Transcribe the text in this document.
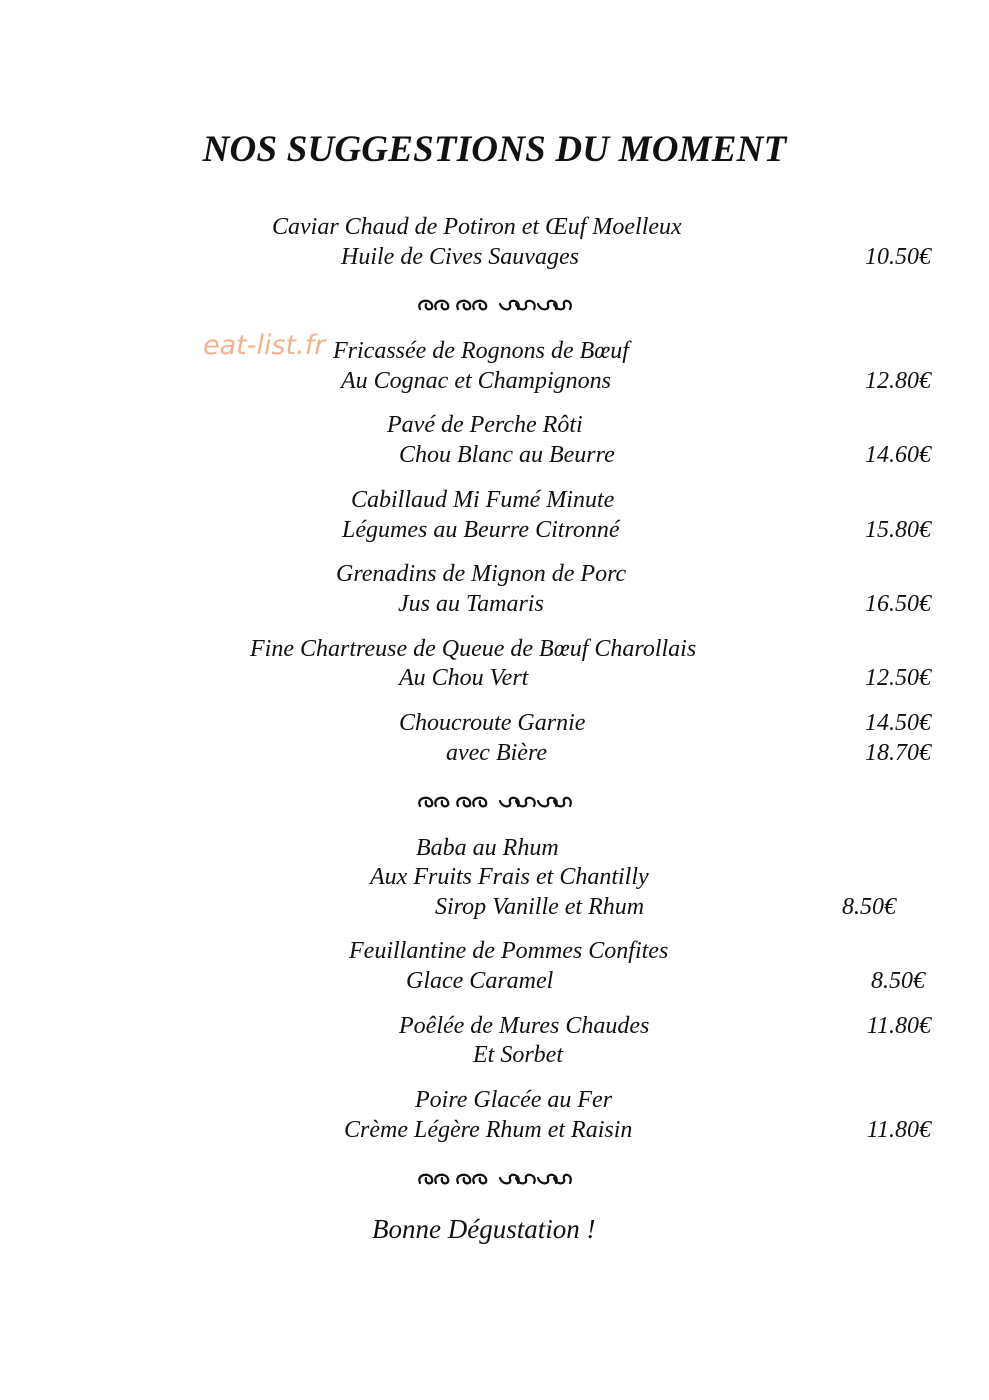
NOS SUGGESTIONS DU MOMENT
eat-list.fr
Caviar Chaud de Potiron et Œuf Moelleux
Huile de Cives Sauvages	10.50€
Fricassée de Rognons de Bœuf
Au Cognac et Champignons	12.80€
Pavé de Perche Rôti
Chou Blanc au Beurre	14.60€
Cabillaud Mi Fumé Minute
Légumes au Beurre Citronné	15.80€
Grenadins de Mignon de Porc
Jus au Tamaris	16.50€
Fine Chartreuse de Queue de Bœuf Charollais
Au Chou Vert	12.50€
Choucroute Garnie	14.50€
avec Bière	18.70€
Baba au Rhum
Aux Fruits Frais et Chantilly
Sirop Vanille et Rhum	8.50€
Feuillantine de Pommes Confites
Glace Caramel	8.50€
Poêlée de Mures Chaudes	11.80€
Et Sorbet
Poire Glacée au Fer
Crème Légère Rhum et Raisin	11.80€
Bonne Dégustation !
